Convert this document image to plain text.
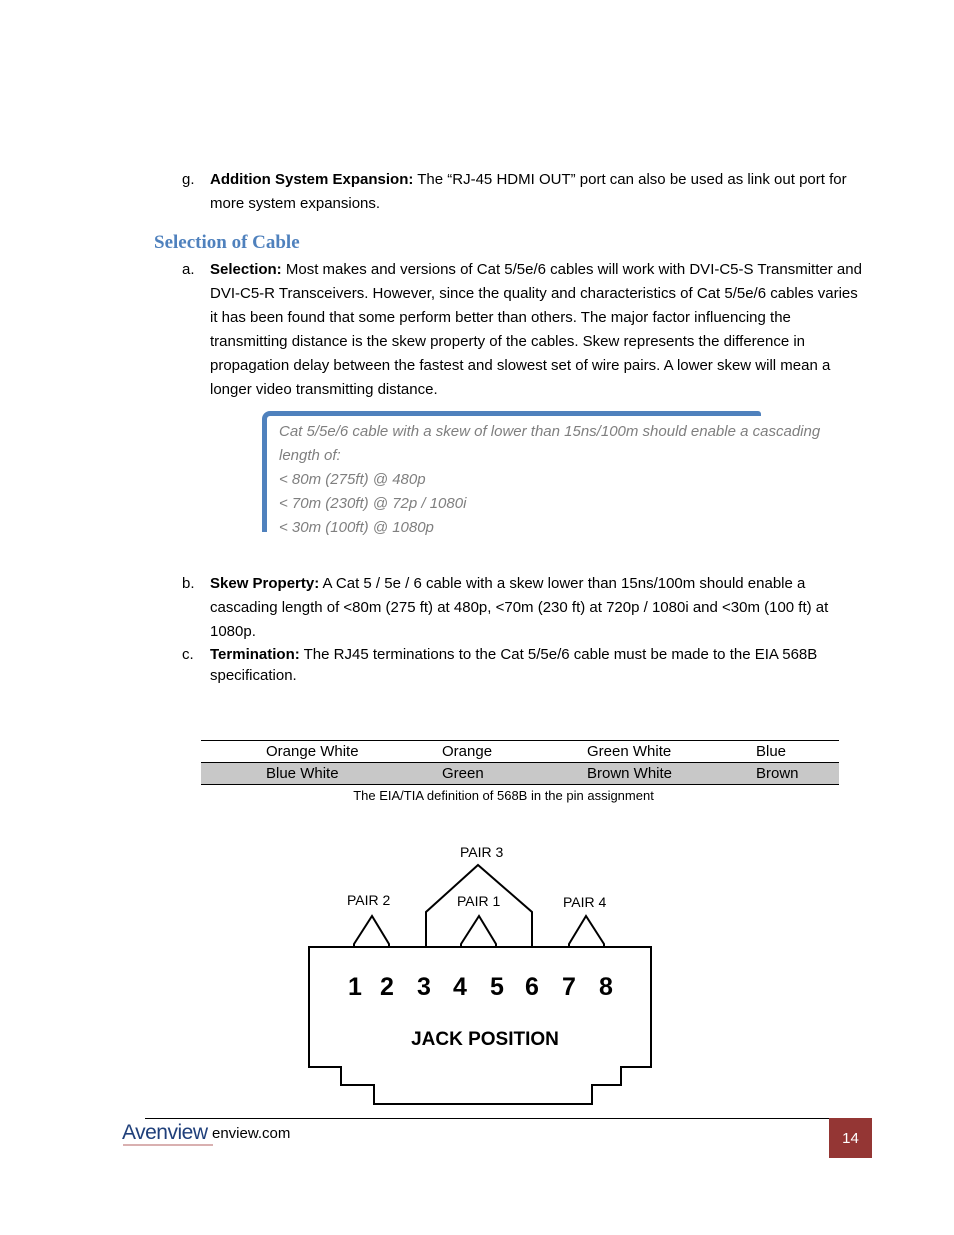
g. Addition System Expansion: The “RJ-45 HDMI OUT” port can also be used as link out port for more system expansions.
Selection of Cable
a. Selection: Most makes and versions of Cat 5/5e/6 cables will work with DVI-C5-S Transmitter and DVI-C5-R Transceivers. However, since the quality and characteristics of Cat 5/5e/6 cables varies it has been found that some perform better than others. The major factor influencing the transmitting distance is the skew property of the cables. Skew represents the difference in propagation delay between the fastest and slowest set of wire pairs. A lower skew will mean a longer video transmitting distance.
Cat 5/5e/6 cable with a skew of lower than 15ns/100m should enable a cascading
length of:
< 80m (275ft) @ 480p
< 70m (230ft) @ 72p / 1080i
< 30m (100ft) @ 1080p
b. Skew Property: A Cat 5 / 5e / 6 cable with a skew lower than 15ns/100m should enable a cascading length of <80m (275 ft) at 480p, <70m (230 ft) at 720p / 1080i and <30m (100 ft) at 1080p.
c. Termination: The RJ45 terminations to the Cat 5/5e/6 cable must be made to the EIA 568B specification.
Orange White	Orange	Green White	Blue
Blue White	Green	Brown White	Brown
The EIA/TIA definition of 568B in the pin assignment
PAIR 2
PAIR 3
PAIR 1	PAIR 4
1 2 3 4 5 6 7 8
JACK POSITION
Avenview enview.com	14
